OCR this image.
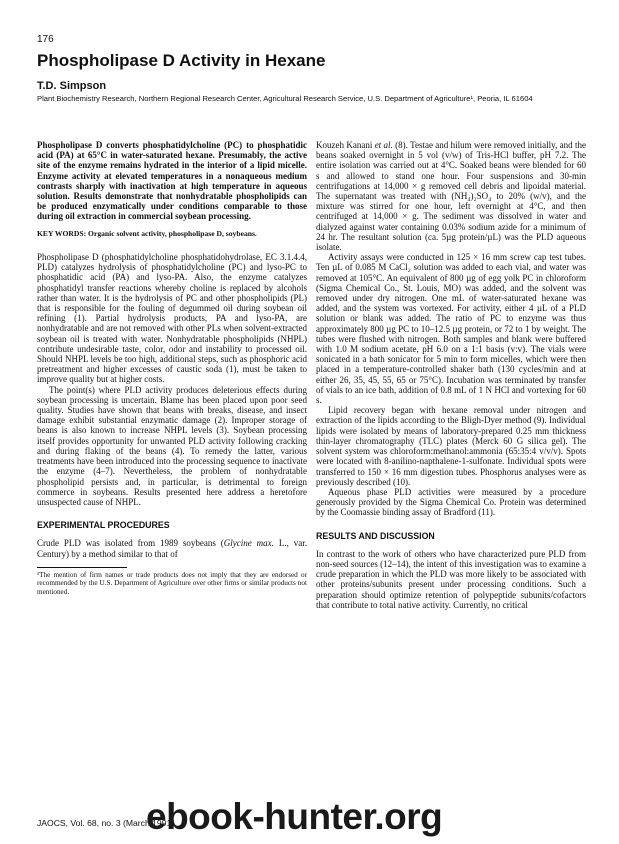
176
Phospholipase D Activity in Hexane
T.D. Simpson
Plant Biochemistry Research, Northern Regional Research Center, Agricultural Research Service, U.S. Department of Agriculture¹, Peoria, IL 61604

Phospholipase D converts phosphatidylcholine (PC) to phosphatidic acid (PA) at 65°C in water-saturated hexane. Presumably, the active site of the enzyme remains hydrated in the interior of a lipid micelle. Enzyme activity at elevated temperatures in a nonaqueous medium contrasts sharply with inactivation at high temperature in aqueous solution. Results demonstrate that nonhydratable phospholipids can be produced enzymatically under conditions comparable to those during oil extraction in commercial soybean processing.

KEY WORDS: Organic solvent activity, phospholipase D, soybeans.

Phospholipase D (phosphatidylcholine phosphatidohydrolase, EC 3.1.4.4, PLD) catalyzes hydrolysis of phosphatidylcholine (PC) and lyso-PC to phosphatidic acid (PA) and lyso-PA. Also, the enzyme catalyzes phosphatidyl transfer reactions whereby choline is replaced by alcohols rather than water. It is the hydrolysis of PC and other phospholipids (PL) that is responsible for the fouling of degummed oil during soybean oil refining (1). Partial hydrolysis products, PA and lyso-PA, are nonhydratable and are not removed with other PLs when solvent-extracted soybean oil is treated with water. Nonhydratable phospholipids (NHPL) contribute undesirable taste, color, odor and instability to processed oil. Should NHPL levels be too high, additional steps, such as phosphoric acid pretreatment and higher excesses of caustic soda (1), must be taken to improve quality but at higher costs.

The point(s) where PLD activity produces deleterious effects during soybean processing is uncertain. Blame has been placed upon poor seed quality. Studies have shown that beans with breaks, disease, and insect damage exhibit substantial enzymatic damage (2). Improper storage of beans is also known to increase NHPL levels (3). Soybean processing itself provides opportunity for unwanted PLD activity following cracking and during flaking of the beans (4). To remedy the latter, various treatments have been introduced into the processing sequence to inactivate the enzyme (4–7). Nevertheless, the problem of nonhydratable phospholipid persists and, in particular, is detrimental to foreign commerce in soybeans. Results presented here address a heretofore unsuspected cause of NHPL.

EXPERIMENTAL PROCEDURES

Crude PLD was isolated from 1989 soybeans (Glycine max. L., var. Century) by a method similar to that of

¹The mention of firm names or trade products does not imply that they are endorsed or recommended by the U.S. Department of Agriculture over other firms or similar products not mentioned.

Kouzeh Kanani et al. (8). Testae and hilum were removed initially, and the beans soaked overnight in 5 vol (v/w) of Tris-HCl buffer, pH 7.2. The entire isolation was carried out at 4°C. Soaked beans were blended for 60 s and allowed to stand one hour. Four suspensions and 30-min centrifugations at 14,000 × g removed cell debris and lipoidal material. The supernatant was treated with (NH₄)₂SO₄ to 20% (w/v), and the mixture was stirred for one hour, left overnight at 4°C, and then centrifuged at 14,000 × g. The sediment was dissolved in water and dialyzed against water containing 0.03% sodium azide for a minimum of 24 hr. The resultant solution (ca. 5µg protein/µL) was the PLD aqueous isolate.

Activity assays were conducted in 125 × 16 mm screw cap test tubes. Ten µL of 0.085 M CaCl₂ solution was added to each vial, and water was removed at 105°C. An equivalent of 800 µg of egg yolk PC in chloroform (Sigma Chemical Co., St. Louis, MO) was added, and the solvent was removed under dry nitrogen. One mL of water-saturated hexane was added, and the system was vortexed. For activity, either 4 µL of a PLD solution or blank was added. The ratio of PC to enzyme was thus approximately 800 µg PC to 10–12.5 µg protein, or 72 to 1 by weight. The tubes were flushed with nitrogen. Both samples and blank were buffered with 1.0 M sodium acetate, pH 6.0 on a 1:1 basis (v:v). The vials were sonicated in a bath sonicator for 5 min to form micelles, which were then placed in a temperature-controlled shaker bath (130 cycles/min and at either 26, 35, 45, 55, 65 or 75°C). Incubation was terminated by transfer of vials to an ice bath, addition of 0.8 mL of 1 N HCl and vortexing for 60 s.

Lipid recovery began with hexane removal under nitrogen and extraction of the lipids according to the Bligh-Dyer method (9). Individual lipids were isolated by means of laboratory-prepared 0.25 mm thickness thin-layer chromatography (TLC) plates (Merck 60 G silica gel). The solvent system was chloroform:methanol:ammonia (65:35:4 v/v/v). Spots were located with 8-anilino-napthalene-1-sulfonate. Individual spots were transferred to 150 × 16 mm digestion tubes. Phosphorus analyses were as previously described (10).

Aqueous phase PLD activities were measured by a procedure generously provided by the Sigma Chemical Co. Protein was determined by the Coomassie binding assay of Bradford (11).

RESULTS AND DISCUSSION

In contrast to the work of others who have characterized pure PLD from non-seed sources (12–14), the intent of this investigation was to examine a crude preparation in which the PLD was more likely to be associated with other proteins/subunits present under processing conditions. Such a preparation should optimize retention of polypeptide subunits/cofactors that contribute to total native activity. Currently, no critical

JAOCS, Vol. 68, no. 3 (March 1991)
ebook-hunter.org
